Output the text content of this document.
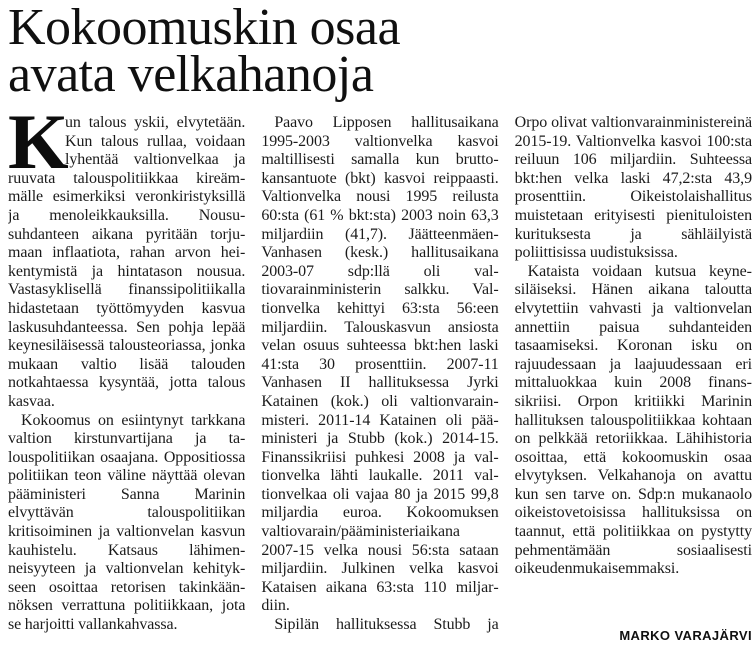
Kokoomuskin osaa
avata velkahanoja

K
un talous yskii, elvytetään. Kun talous rullaa, voidaan lyhentää valtionvelkaa ja ruuvata talouspolitiikkaa kireämmälle esimerkiksi veronkiristyksillä ja menoleikkauksilla. Noususuhdanteen aikana pyritään torjumaan inflaatiota, rahan arvon heikentymistä ja hintatason nousua. Vastasyklisellä finanssipolitiikalla hidastetaan työttömyyden kasvua laskusuhdanteessa. Sen pohja lepää keynesiläisessä talousteoriassa, jonka mukaan valtio lisää talouden notkahtaessa kysyntää, jotta talous kasvaa.

Kokoomus on esiintynyt tarkkana valtion kirstunvartijana ja talouspolitiikan osaajana. Oppositiossa politiikan teon väline näyttää olevan pääministeri Sanna Marinin elvyttävän talouspolitiikan kritisoiminen ja valtionvelan kasvun kauhistelu. Katsaus lähimenneisyyteen ja valtionvelan kehitykseen osoittaa retorisen takinkäännöksen verrattuna politiikkaan, jota se harjoitti vallankahvassa.

Paavo Lipposen hallitusaikana 1995-2003 valtionvelka kasvoi maltillisesti samalla kun bruttokansantuote (bkt) kasvoi reippaasti. Valtionvelka nousi 1995 reilusta 60:sta (61 % bkt:sta) 2003 noin 63,3 miljardiin (41,7). Jäätteenmäen-Vanhasen (kesk.) hallitusaikana 2003-07 sdp:llä oli valtiovarainministerin salkku. Valtionvelka kehittyi 63:sta 56:een miljardiin. Talouskasvun ansiosta velan osuus suhteessa bkt:hen laski 41:sta 30 prosenttiin. 2007-11 Vanhasen II hallituksessa Jyrki Katainen (kok.) oli valtionvarainmisteri. 2011-14 Katainen oli pääministeri ja Stubb (kok.) 2014-15. Finanssikriisi puhkesi 2008 ja valtionvelka lähti laukalle. 2011 valtionvelkaa oli vajaa 80 ja 2015 99,8 miljardia euroa. Kokoomuksen valtiovarain/pääministeriaikana 2007-15 velka nousi 56:sta sataan miljardiin. Julkinen velka kasvoi Kataisen aikana 63:sta 110 miljardiin.

Sipilän hallituksessa Stubb ja

Orpo olivat valtionvarainministereinä 2015-19. Valtionvelka kasvoi 100:sta reiluun 106 miljardiin. Suhteessa bkt:hen velka laski 47,2:sta 43,9 prosenttiin. Oikeistolaishallitus muistetaan erityisesti pienituloisten kurituksesta ja sähläilyistä poliittisissa uudistuksissa.

Kataista voidaan kutsua keynesiläiseksi. Hänen aikana taloutta elvytettiin vahvasti ja valtionvelan annettiin paisua suhdanteiden tasaamiseksi. Koronan isku on rajuudessaan ja laajuudessaan eri mittaluokkaa kuin 2008 finanssikriisi. Orpon kritiikki Marinin hallituksen talouspolitiikkaa kohtaan on pelkkää retoriikkaa. Lähihistoria osoittaa, että kokoomuskin osaa elvytyksen. Velkahanoja on avattu kun sen tarve on. Sdp:n mukanaolo oikeistovetoisissa hallituksissa on taannut, että politiikkaa on pystytty pehmentämään sosiaalisesti oikeudenmukaisemmaksi.

MARKO VARAJÄRVI
